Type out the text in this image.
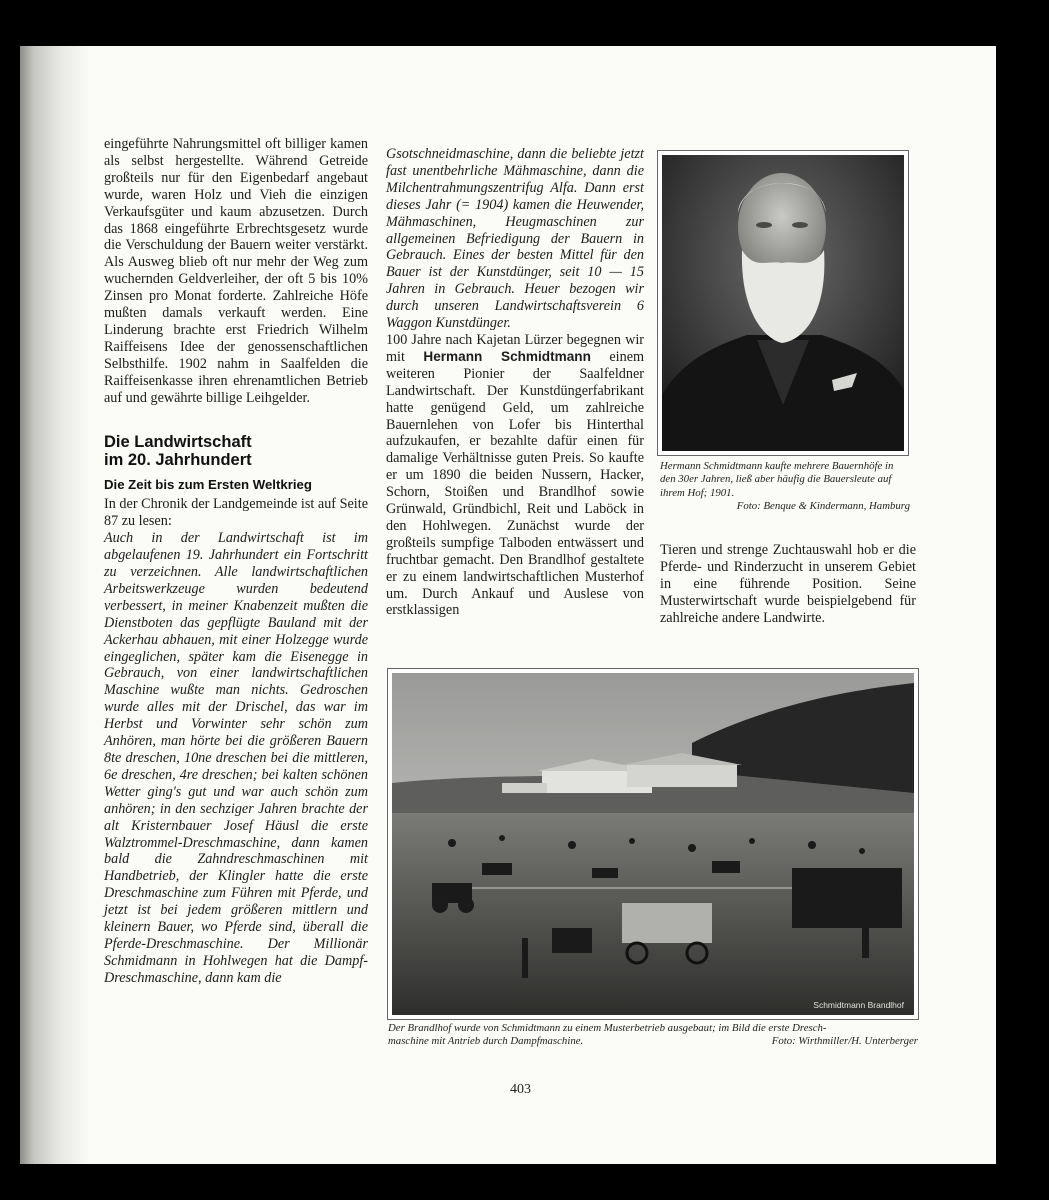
eingeführte Nahrungsmittel oft billiger kamen als selbst hergestellte. Während Getreide großteils nur für den Eigenbedarf angebaut wurde, waren Holz und Vieh die einzigen Verkaufsgüter und kaum abzusetzen. Durch das 1868 eingeführte Erbrechtsgesetz wurde die Verschuldung der Bauern weiter verstärkt. Als Ausweg blieb oft nur mehr der Weg zum wuchernden Geldverleiher, der oft 5 bis 10% Zinsen pro Monat forderte. Zahlreiche Höfe mußten damals verkauft werden. Eine Linderung brachte erst Friedrich Wilhelm Raiffeisens Idee der genossenschaftlichen Selbsthilfe. 1902 nahm in Saalfelden die Raiffeisenkasse ihren ehrenamtlichen Betrieb auf und gewährte billige Leihgelder.

Die Landwirtschaft
im 20. Jahrhundert
Die Zeit bis zum Ersten Weltkrieg

In der Chronik der Landgemeinde ist auf Seite 87 zu lesen:

Auch in der Landwirtschaft ist im abgelaufenen 19. Jahrhundert ein Fortschritt zu verzeichnen. Alle landwirtschaftlichen Arbeitswerkzeuge wurden bedeutend verbessert, in meiner Knabenzeit mußten die Dienstboten das gepflügte Bauland mit der Ackerhau abhauen, mit einer Holzegge wurde eingeglichen, später kam die Eisenegge in Gebrauch, von einer landwirtschaftlichen Maschine wußte man nichts. Gedroschen wurde alles mit der Drischel, das war im Herbst und Vorwinter sehr schön zum Anhören, man hörte bei die größeren Bauern 8te dreschen, 10ne dreschen bei die mittleren, 6e dreschen, 4re dreschen; bei kalten schönen Wetter ging's gut und war auch schön zum anhören; in den sechziger Jahren brachte der alt Kristernbauer Josef Häusl die erste Walztrommel-Dreschmaschine, dann kamen bald die Zahndreschmaschinen mit Handbetrieb, der Klingler hatte die erste Dreschmaschine zum Führen mit Pferde, und jetzt ist bei jedem größeren mittlern und kleinern Bauer, wo Pferde sind, überall die Pferde-Dreschmaschine. Der Millionär Schmidmann in Hohlwegen hat die Dampf-Dreschmaschine, dann kam die

Gsotschneidmaschine, dann die beliebte jetzt fast unentbehrliche Mähmaschine, dann die Milchentrahmungszentrifug Alfa. Dann erst dieses Jahr (= 1904) kamen die Heuwender, Mähmaschinen, Heugmaschinen zur allgemeinen Befriedigung der Bauern in Gebrauch. Eines der besten Mittel für den Bauer ist der Kunstdünger, seit 10 — 15 Jahren in Gebrauch. Heuer bezogen wir durch unseren Landwirtschaftsverein 6 Waggon Kunstdünger.

100 Jahre nach Kajetan Lürzer begegnen wir mit Hermann Schmidtmann einem weiteren Pionier der Saalfeldner Landwirtschaft. Der Kunstdüngerfabrikant hatte genügend Geld, um zahlreiche Bauernlehen von Lofer bis Hinterthal aufzukaufen, er bezahlte dafür einen für damalige Verhältnisse guten Preis. So kaufte er um 1890 die beiden Nussern, Hacker, Schorn, Stoißen und Brandlhof sowie Grünwald, Gründbichl, Reit und Laböck in den Hohlwegen. Zunächst wurde der großteils sumpfige Talboden entwässert und fruchtbar gemacht. Den Brandlhof gestaltete er zu einem landwirtschaftlichen Musterhof um. Durch Ankauf und Auslese von erstklassigen

Hermann Schmidtmann kaufte mehrere Bauernhöfe in den 30er Jahren, ließ aber häufig die Bauersleute auf ihrem Hof; 1901.
Foto: Benque & Kindermann, Hamburg

Tieren und strenge Zuchtauswahl hob er die Pferde- und Rinderzucht in unserem Gebiet in eine führende Position. Seine Musterwirtschaft wurde beispielgebend für zahlreiche andere Landwirte.

Schmidtmann Brandlhof
Der Brandlhof wurde von Schmidtmann zu einem Musterbetrieb ausgebaut; im Bild die erste Dresch-
maschine mit Antrieb durch Dampfmaschine.	Foto: Wirthmiller/H. Unterberger
403
